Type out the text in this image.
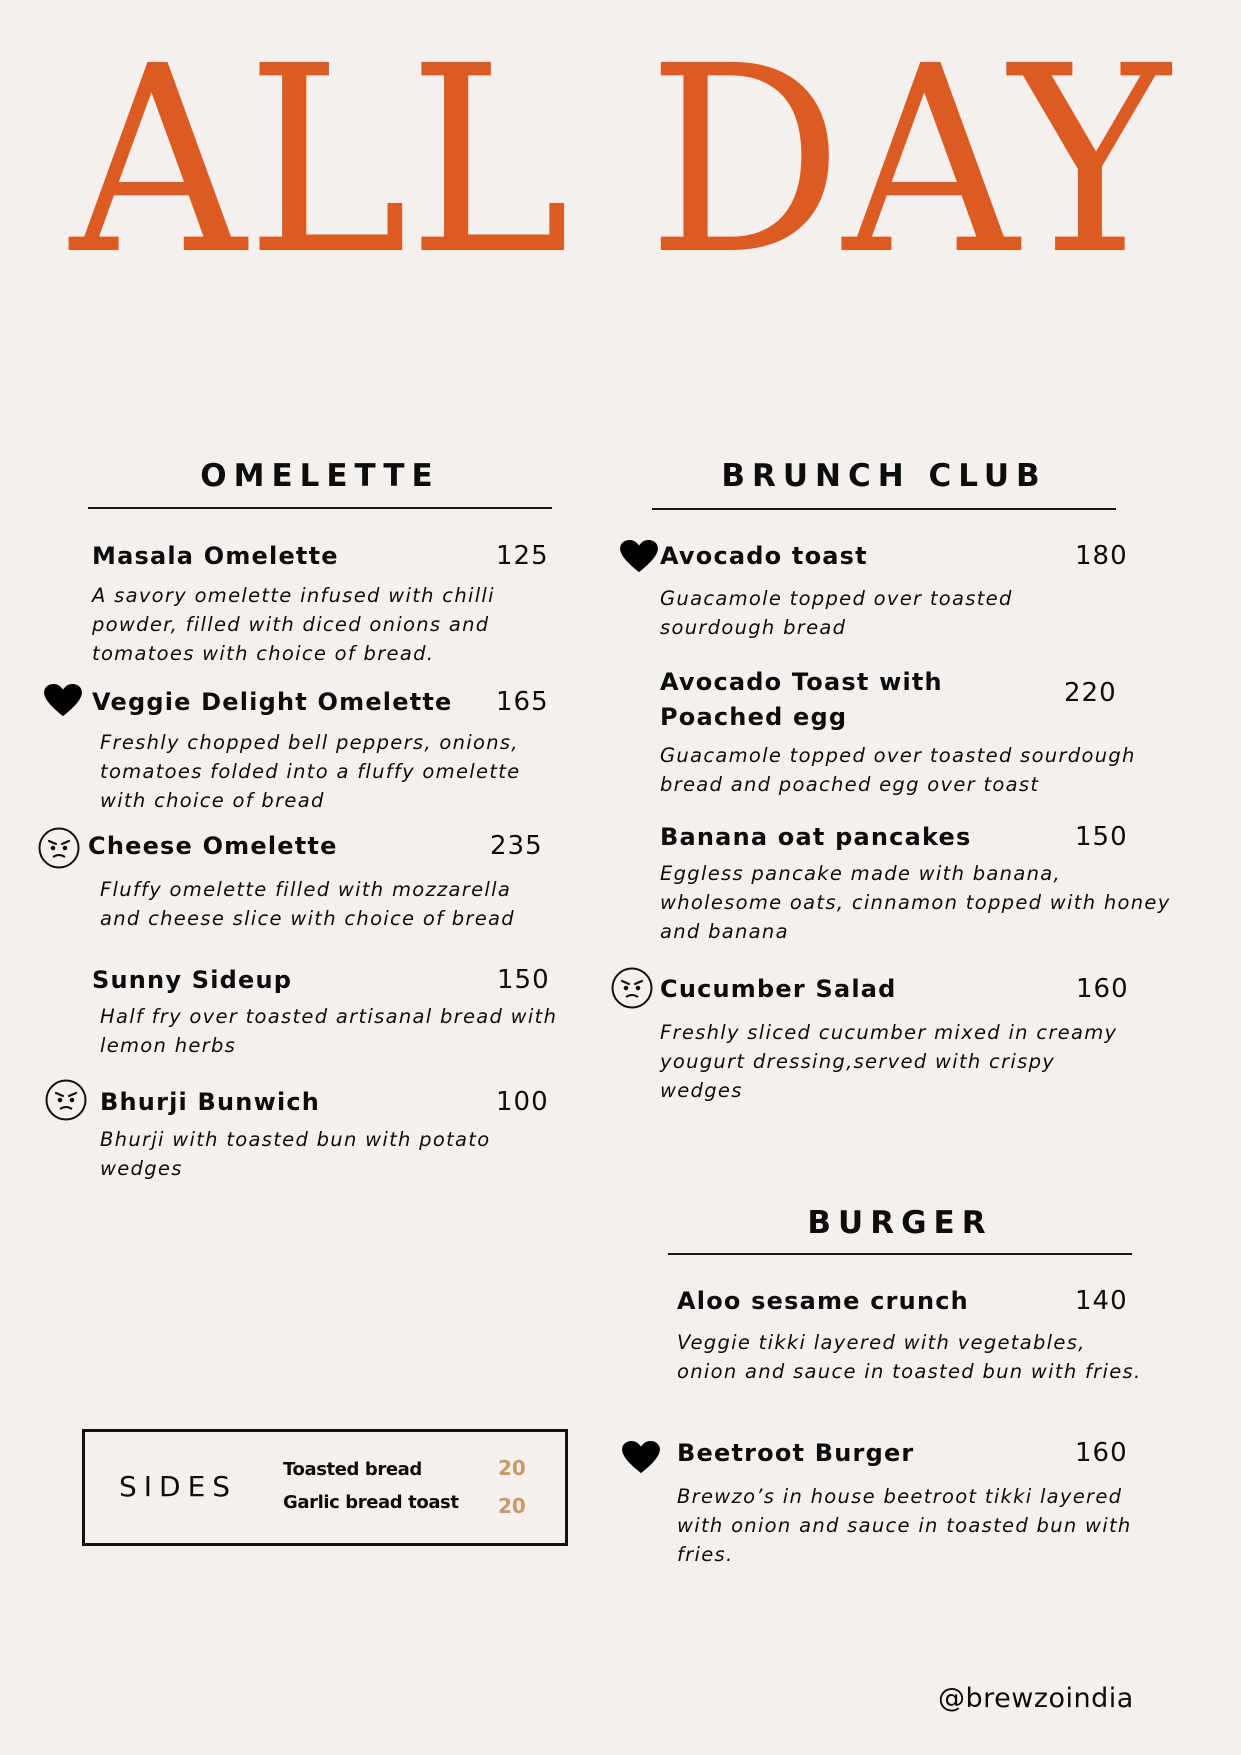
ALL DAY
OMELETTE
Masala Omelette	125
A savory omelette infused with chilli powder, filled with diced onions and tomatoes with choice of bread.
Veggie Delight Omelette 165
Freshly chopped bell peppers, onions, tomatoes folded into a fluffy omelette with choice of bread
Cheese Omelette	235
Fluffy omelette filled with mozzarella and cheese slice with choice of bread
Sunny Sideup	150
Half fry over toasted artisanal bread with lemon herbs
Bhurji Bunwich	100
Bhurji with toasted bun with potato wedges
BRUNCH CLUB
Avocado toast	180
Guacamole topped over toasted sourdough bread
Avocado Toast with Poached egg
220
Guacamole topped over toasted sourdough bread and poached egg over toast
Banana oat pancakes	150
Eggless pancake made with banana, wholesome oats, cinnamon topped with honey and banana
Cucumber Salad	160
Freshly sliced cucumber mixed in creamy yougurt dressing,served with crispy wedges
BURGER
Aloo sesame crunch	140
Veggie tikki layered with vegetables, onion and sauce in toasted bun with fries.
Beetroot Burger	160
Brewzo’s in house beetroot tikki layered with onion and sauce in toasted bun with fries.
SIDES
Toasted bread	20
Garlic bread toast 20
@brewzoindia
